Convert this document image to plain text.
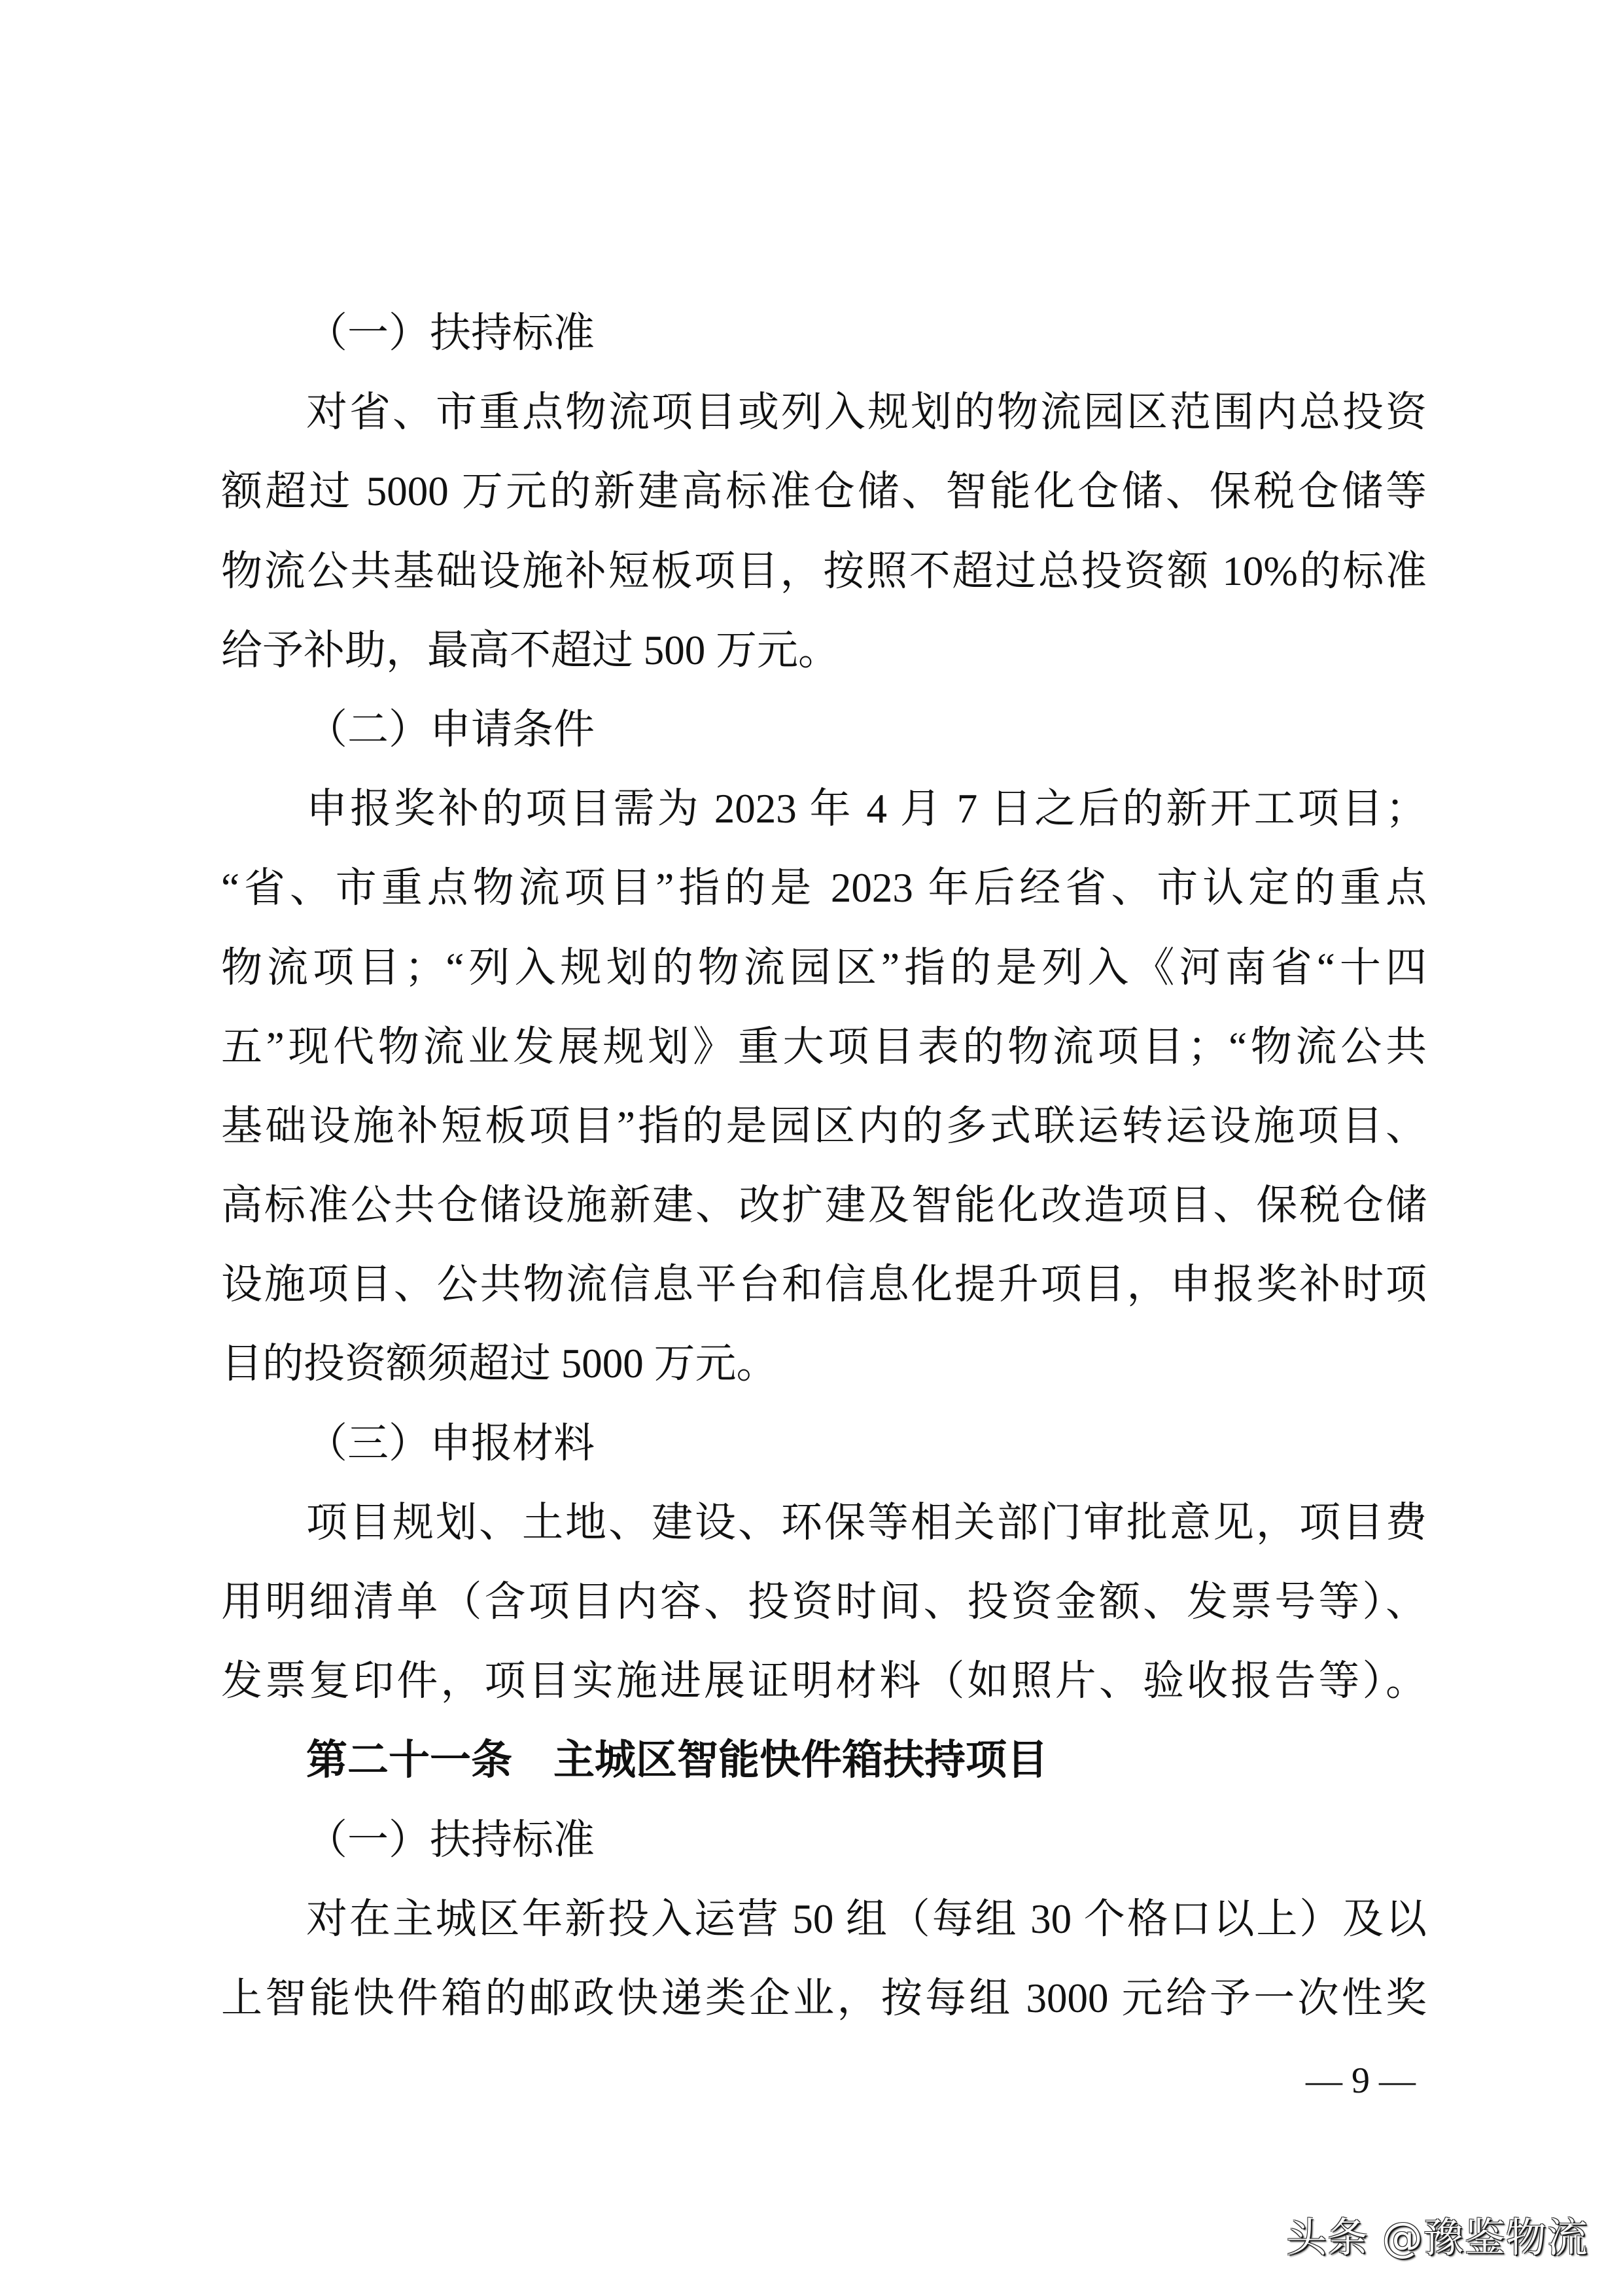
（一）扶持标准
对省、市重点物流项目或列入规划的物流园区范围内总投资
额超过 5000 万元的新建高标准仓储、智能化仓储、保税仓储等
物流公共基础设施补短板项目，按照不超过总投资额 10%的标准
给予补助，最高不超过 500 万元。
（二）申请条件
申报奖补的项目需为 2023 年 4 月 7 日之后的新开工项目；
“省、市重点物流项目”指的是 2023 年后经省、市认定的重点
物流项目；“列入规划的物流园区”指的是列入《河南省“十四
五”现代物流业发展规划》重大项目表的物流项目；“物流公共
基础设施补短板项目”指的是园区内的多式联运转运设施项目、
高标准公共仓储设施新建、改扩建及智能化改造项目、保税仓储
设施项目、公共物流信息平台和信息化提升项目，申报奖补时项
目的投资额须超过 5000 万元。
（三）申报材料
项目规划、土地、建设、环保等相关部门审批意见，项目费
用明细清单（含项目内容、投资时间、投资金额、发票号等）、
发票复印件，项目实施进展证明材料（如照片、验收报告等）。
第二十一条　主城区智能快件箱扶持项目
（一）扶持标准
对在主城区年新投入运营 50 组（每组 30 个格口以上）及以
上智能快件箱的邮政快递类企业，按每组 3000 元给予一次性奖
— 9 —
头条 @豫鉴物流
